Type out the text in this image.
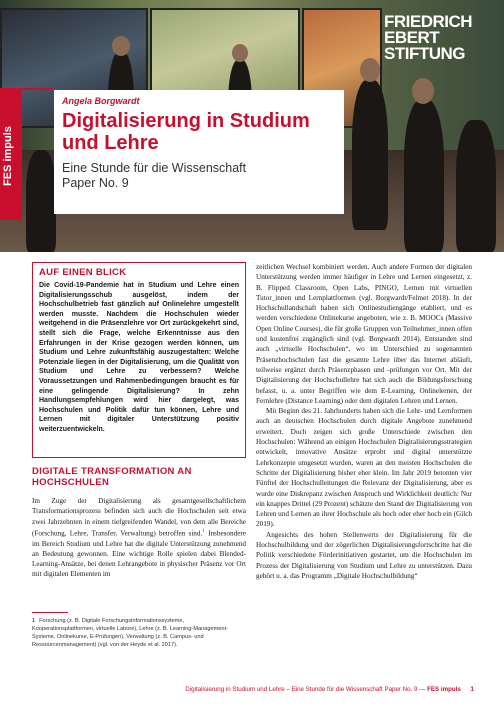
FRIEDRICH
EBERT
STIFTUNG
FES impuls
Angela Borgwardt
Digitalisierung in Studium und Lehre
Eine Stunde für die Wissenschaft
Paper No. 9
AUF EINEN BLICK

Die Covid-19-Pandemie hat in Studium und Lehre einen Digitalisierungsschub ausgelöst, indem der Hochschulbetrieb fast gänzlich auf Onlinelehre umgestellt werden musste. Nachdem die Hochschulen wieder weitgehend in die Präsenzlehre vor Ort zurückgekehrt sind, stellt sich die Frage, welche Erkenntnisse aus den Erfahrungen in der Krise gezogen werden können, um Studium und Lehre zukunftsfähig auszugestalten: Welche Potenziale liegen in der Digitalisierung, um die Qualität von Studium und Lehre zu verbessern? Welche Voraussetzungen und Rahmenbedingungen braucht es für eine gelingende Digitalisierung? In zehn Handlungsempfehlungen wird hier dargelegt, was Hochschulen und Politik dafür tun können, Lehre und Lernen mit digitaler Unterstützung positiv weiterzuentwickeln.

DIGITALE TRANSFORMATION AN HOCHSCHULEN

Im Zuge der Digitalisierung als gesamtgesellschaftlichem Transformationsprozess befinden sich auch die Hochschulen seit etwa zwei Jahrzehnten in einem tiefgreifenden Wandel, von dem alle Bereiche (Forschung, Lehre, Transfer, Verwaltung) betroffen sind.$^1$ Insbesondere im Bereich Studium und Lehre hat die digitale Unterstützung zunehmend an Bedeutung gewonnen. Eine wichtige Rolle spielen dabei Blended-Learning-Ansätze, bei denen Lehrangebote in physischer Präsenz vor Ort mit digitalen Elementen im

zeitlichen Wechsel kombiniert werden. Auch andere Formen der digitalen Unterstützung werden immer häufiger in Lehre und Lernen eingesetzt, z. B. Flipped Classroom, Open Labs, PINGO, Lernen mit virtuellen Tutor_innen und Lernplattformen (vgl. Borgwardt/Felmet 2018). In der Hochschullandschaft haben sich Onlinestudiengänge etabliert, und es werden verschiedene Onlinekurse angeboten, wie z. B. MOOCs (Massive Open Online Courses), die für große Gruppen von Teilnehmer_innen offen und kostenfrei zugänglich sind (vgl. Borgwardt 2014). Entstanden sind auch „virtuelle Hochschulen“, wo im Unterschied zu sogenannten Präsenzhochschulen fast die gesamte Lehre über das Internet abläuft, teilweise ergänzt durch Präsenzphasen und -prüfungen vor Ort. Mit der Digitalisierung der Hochschullehre hat sich auch die Bildungsforschung befasst, u. a. unter Begriffen wie dem E-Learning, Onlinelernen, der Fernlehre (Distance Learning) oder dem digitalen Lehren und Lernen.

Mit Beginn des 21. Jahrhunderts haben sich die Lehr- und Lernformen auch an deutschen Hochschulen durch digitale Angebote zunehmend erweitert. Doch zeigen sich große Unterschiede zwischen den Hochschulen: Während an einigen Hochschulen Digitalisierungsstrategien entwickelt, innovative Ansätze erprobt und digital unterstützte Lehrkonzepte umgesetzt wurden, waren an den meisten Hochschulen die Schritte der Digitalisierung bisher eher klein. Im Jahr 2019 betonten vier Fünftel der Hochschulleitungen die Relevanz der Digitalisierung, aber es wurde eine Diskrepanz zwischen Anspruch und Wirklichkeit deutlich: Nur ein knappes Drittel (29 Prozent) schätzte den Stand der Digitalisierung von Lehren und Lernen an ihrer Hochschule als hoch oder eher hoch ein (Gilch 2019).

Angesichts des hohen Stellenwerts der Digitalisierung für die Hochschulbildung und der zögerlichen Digitalisierungsfortschritte hat die Politik verschiedene Förderinitiativen gestartet, um die Hochschulen im Prozess der Digitalisierung von Studium und Lehre zu unterstützen. Dazu gehört u. a. das Programm „Digitale Hochschulbildung“

1 Forschung (z. B. Digitale Forschungsinformationssysteme, Kooperationsplattformen, virtuelle Labore), Lehre (z. B. Learning-Management-Systeme, Onlinekurse, E-Prüfungen), Verwaltung (z. B. Campus- und Ressourcenmanagement) (vgl. von der Heyde et al. 2017).
Digitalisierung in Studium und Lehre – Eine Stunde für die Wissenschaft Paper No. 9 — FES impuls 1
